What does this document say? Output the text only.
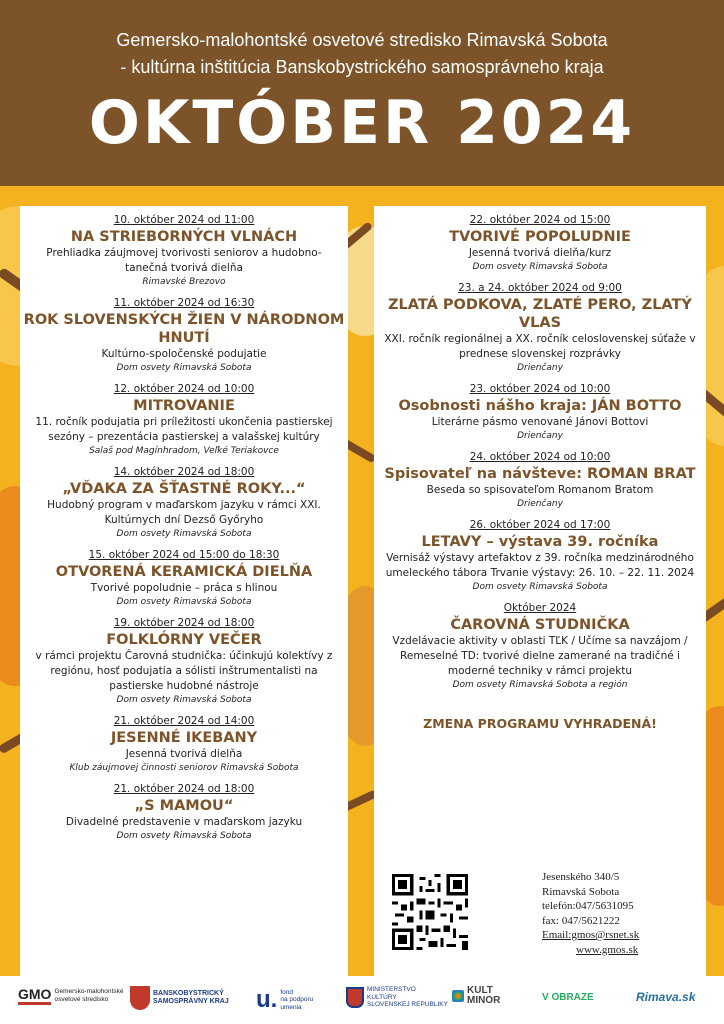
Gemersko-malohontské osvetové stredisko Rimavská Sobota
- kultúrna inštitúcia Banskobystrického samosprávneho kraja
OKTÓBER 2024
10. október 2024 od 11:00
NA STRIEBORNÝCH VLNÁCH
Prehliadka záujmovej tvorivosti seniorov a hudobno-tanečná tvorivá dielňa
Rimavské Brezovo
11. október 2024 od 16:30
ROK SLOVENSKÝCH ŽIEN V NÁRODNOM HNUTÍ
Kultúrno-spoločenské podujatie
Dom osvety Rimavská Sobota
12. október 2024 od 10:00
MITROVANIE
11. ročník podujatia pri príležitosti ukončenia pastierskej sezóny – prezentácia pastierskej a valašskej kultúry
Salaš pod Magínhradom, Veľké Teriakovce
14. október 2024 od 18:00
„VĎAKA ZA ŠŤASTNÉ ROKY...“
Hudobný program v maďarskom jazyku v rámci XXI. Kultúrnych dní Dezső Győryho
Dom osvety Rimavská Sobota
15. október 2024 od 15:00 do 18:30
OTVORENÁ KERAMICKÁ DIELŇA
Tvorivé popoludnie – práca s hlinou
Dom osvety Rimavská Sobota
19. október 2024 od 18:00
FOLKLÓRNY VEČER
v rámci projektu Čarovná studnička: účinkujú kolektívy z regiónu, hosť podujatia a sólisti inštrumentalisti na pastierske hudobné nástroje
Dom osvety Rimavská Sobota
21. október 2024 od 14:00
JESENNÉ IKEBANY
Jesenná tvorivá dielňa
Klub záujmovej činnosti seniorov Rimavská Sobota
21. október 2024 od 18:00
„S MAMOU“
Divadelné predstavenie v maďarskom jazyku
Dom osvety Rimavská Sobota
22. október 2024 od 15:00
TVORIVÉ POPOLUDNIE
Jesenná tvorivá dielňa/kurz
Dom osvety Rimavská Sobota
23. a 24. október 2024 od 9:00
ZLATÁ PODKOVA, ZLATÉ PERO, ZLATÝ VLAS
XXI. ročník regionálnej a XX. ročník celoslovenskej súťaže v prednese slovenskej rozprávky
Drienčany
23. október 2024 od 10:00
Osobnosti nášho kraja: JÁN BOTTO
Literárne pásmo venované Jánovi Bottovi
Drienčany
24. október 2024 od 10:00
Spisovateľ na návšteve: ROMAN BRAT
Beseda so spisovateľom Romanom Bratom
Drienčany
26. október 2024 od 17:00
LETAVY – výstava 39. ročníka
Vernisáž výstavy artefaktov z 39. ročníka medzinárodného umeleckého tábora Trvanie výstavy: 26. 10. – 22. 11. 2024
Dom osvety Rimavská Sobota
Október 2024
ČAROVNÁ STUDNIČKA
Vzdelávacie aktivity v oblasti TĽK / Učíme sa navzájom / Remeselné TD: tvorivé dielne zamerané na tradičné i moderné techniky v rámci projektu
Dom osvety Rimavská Sobota a región
ZMENA PROGRAMU VYHRADENÁ!
Jesenského 340/5
Rimavská Sobota
telefón:047/5631095
fax: 047/5621222
Email:gmos@rsnet.sk
www.gmos.sk
GMO Gemersko-malohontské
osvetové stredisko
BANSKOBYSTRICKÝ
SAMOSPRÁVNY KRAJ u. fond
na podporu
umenia
MINISTERSTVO
KULTÚRY
SLOVENSKEJ REPUBLIKY
KULT
MINOR	V OBRAZE	Rimava.sk
